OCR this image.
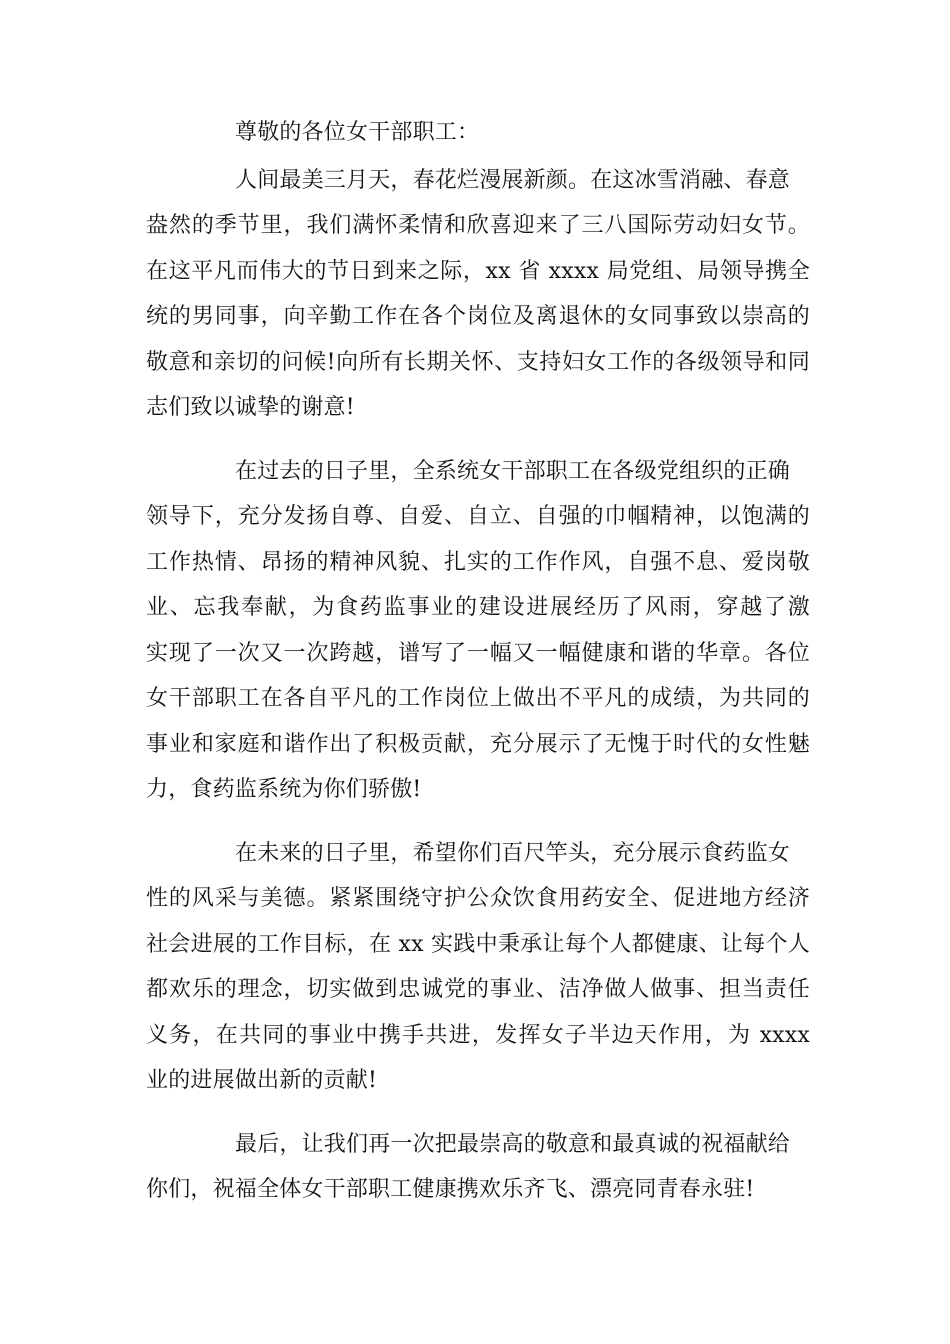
尊敬的各位女干部职工：
人间最美三月天，春花烂漫展新颜。在这冰雪消融、春意
盎然的季节里，我们满怀柔情和欣喜迎来了三八国际劳动妇女节。
在这平凡而伟大的节日到来之际，xx 省 xxxx 局党组、局领导携全
统的男同事，向辛勤工作在各个岗位及离退休的女同事致以崇高的
敬意和亲切的问候!向所有长期关怀、支持妇女工作的各级领导和同
志们致以诚挚的谢意!
在过去的日子里，全系统女干部职工在各级党组织的正确
领导下，充分发扬自尊、自爱、自立、自强的巾帼精神，以饱满的
工作热情、昂扬的精神风貌、扎实的工作作风，自强不息、爱岗敬
业、忘我奉献，为食药监事业的建设进展经历了风雨，穿越了激
实现了一次又一次跨越，谱写了一幅又一幅健康和谐的华章。各位
女干部职工在各自平凡的工作岗位上做出不平凡的成绩，为共同的
事业和家庭和谐作出了积极贡献，充分展示了无愧于时代的女性魅
力，食药监系统为你们骄傲!
在未来的日子里，希望你们百尺竿头，充分展示食药监女
性的风采与美德。紧紧围绕守护公众饮食用药安全、促进地方经济
社会进展的工作目标，在 xx 实践中秉承让每个人都健康、让每个人
都欢乐的理念，切实做到忠诚党的事业、洁净做人做事、担当责任
义务，在共同的事业中携手共进，发挥女子半边天作用，为 xxxx
业的进展做出新的贡献!
最后，让我们再一次把最崇高的敬意和最真诚的祝福献给
你们，祝福全体女干部职工健康携欢乐齐飞、漂亮同青春永驻!
